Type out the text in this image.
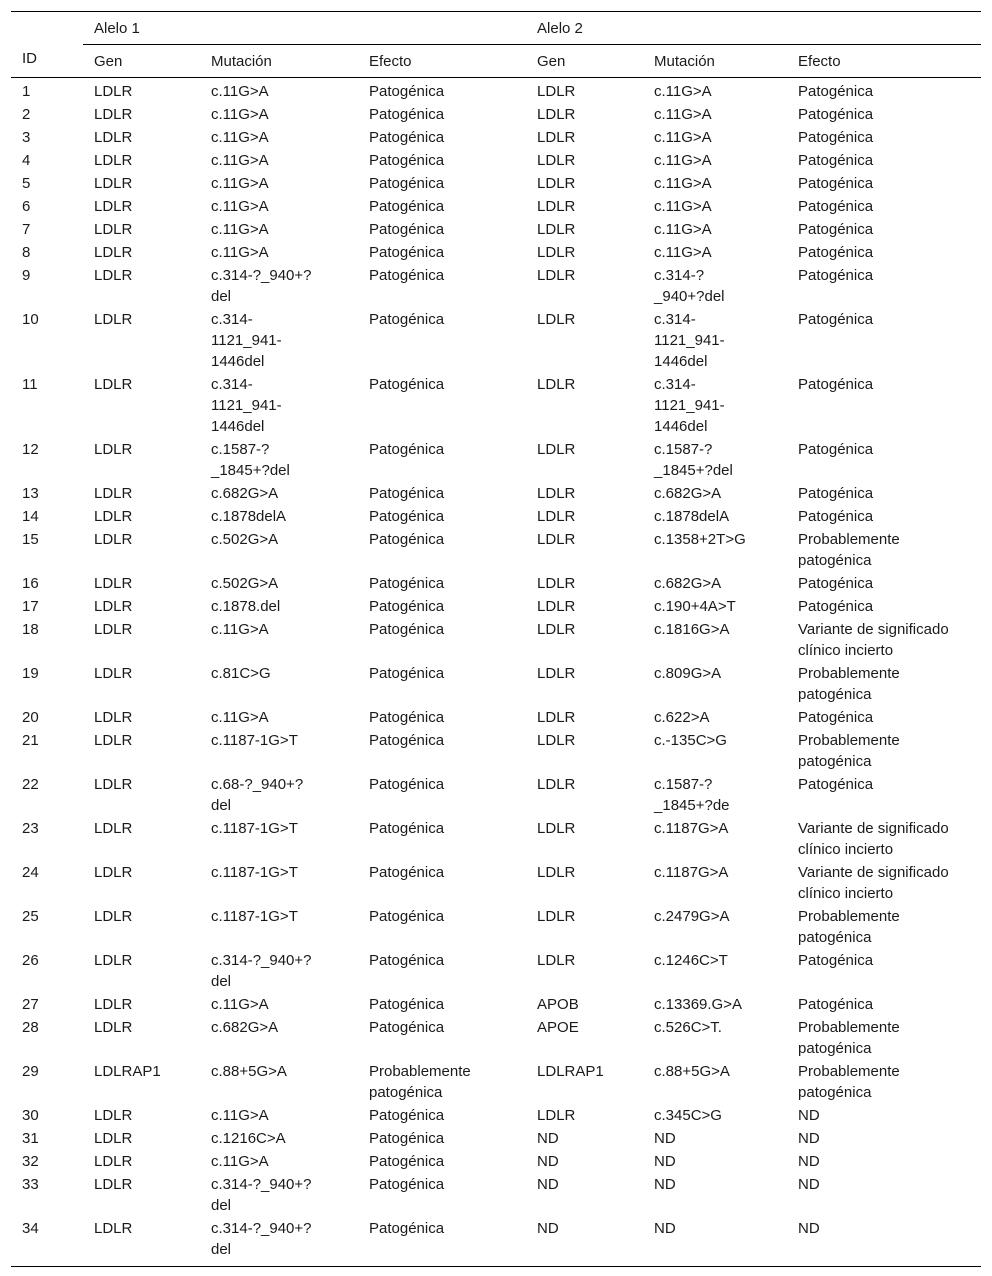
ID	Alelo 1			Alelo 2		
	Gen	Mutación	Efecto	Gen	Mutación	Efecto
1	LDLR	c.11G>A	Patogénica	LDLR	c.11G>A	Patogénica
2	LDLR	c.11G>A	Patogénica	LDLR	c.11G>A	Patogénica
3	LDLR	c.11G>A	Patogénica	LDLR	c.11G>A	Patogénica
4	LDLR	c.11G>A	Patogénica	LDLR	c.11G>A	Patogénica
5	LDLR	c.11G>A	Patogénica	LDLR	c.11G>A	Patogénica
6	LDLR	c.11G>A	Patogénica	LDLR	c.11G>A	Patogénica
7	LDLR	c.11G>A	Patogénica	LDLR	c.11G>A	Patogénica
8	LDLR	c.11G>A	Patogénica	LDLR	c.11G>A	Patogénica
9	LDLR	c.314-?_940+?
del	Patogénica	LDLR	c.314-?
_940+?del	Patogénica
10	LDLR	c.314-
1121_941-
1446del	Patogénica	LDLR	c.314-
1121_941-
1446del	Patogénica
11	LDLR	c.314-
1121_941-
1446del	Patogénica	LDLR	c.314-
1121_941-
1446del	Patogénica
12	LDLR	c.1587-?
_1845+?del	Patogénica	LDLR	c.1587-?
_1845+?del	Patogénica
13	LDLR	c.682G>A	Patogénica	LDLR	c.682G>A	Patogénica
14	LDLR	c.1878delA	Patogénica	LDLR	c.1878delA	Patogénica
15	LDLR	c.502G>A	Patogénica	LDLR	c.1358+2T>G	Probablemente
patogénica
16	LDLR	c.502G>A	Patogénica	LDLR	c.682G>A	Patogénica
17	LDLR	c.1878.del	Patogénica	LDLR	c.190+4A>T	Patogénica
18	LDLR	c.11G>A	Patogénica	LDLR	c.1816G>A	Variante de significado
clínico incierto
19	LDLR	c.81C>G	Patogénica	LDLR	c.809G>A	Probablemente
patogénica
20	LDLR	c.11G>A	Patogénica	LDLR	c.622>A	Patogénica
21	LDLR	c.1187-1G>T	Patogénica	LDLR	c.-135C>G	Probablemente
patogénica
22	LDLR	c.68-?_940+?
del	Patogénica	LDLR	c.1587-?
_1845+?de	Patogénica
23	LDLR	c.1187-1G>T	Patogénica	LDLR	c.1187G>A	Variante de significado
clínico incierto
24	LDLR	c.1187-1G>T	Patogénica	LDLR	c.1187G>A	Variante de significado
clínico incierto
25	LDLR	c.1187-1G>T	Patogénica	LDLR	c.2479G>A	Probablemente
patogénica
26	LDLR	c.314-?_940+?
del	Patogénica	LDLR	c.1246C>T	Patogénica
27	LDLR	c.11G>A	Patogénica	APOB	c.13369.G>A	Patogénica
28	LDLR	c.682G>A	Patogénica	APOE	c.526C>T.	Probablemente
patogénica
29	LDLRAP1	c.88+5G>A	Probablemente
patogénica	LDLRAP1	c.88+5G>A	Probablemente
patogénica
30	LDLR	c.11G>A	Patogénica	LDLR	c.345C>G	ND
31	LDLR	c.1216C>A	Patogénica	ND	ND	ND
32	LDLR	c.11G>A	Patogénica	ND	ND	ND
33	LDLR	c.314-?_940+?
del	Patogénica	ND	ND	ND
34	LDLR	c.314-?_940+?
del	Patogénica	ND	ND	ND
